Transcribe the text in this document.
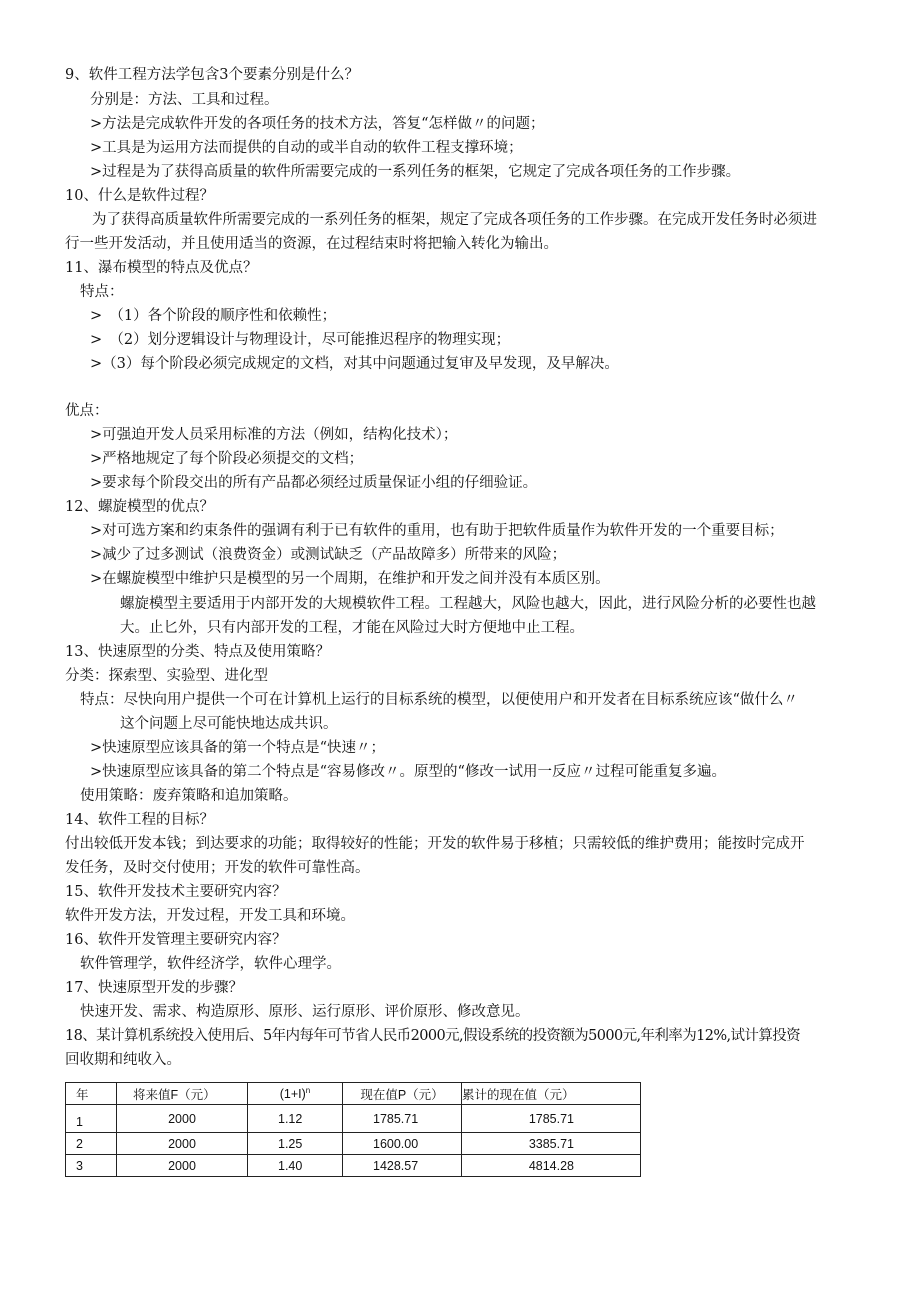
9、软件工程方法学包含3个要素分别是什么？
分别是：方法、工具和过程。
>方法是完成软件开发的各项任务的技术方法，答复“怎样做〃的问题；
>工具是为运用方法而提供的自动的或半自动的软件工程支撑环境；
>过程是为了获得高质量的软件所需要完成的一系列任务的框架，它规定了完成各项任务的工作步骤。
10、什么是软件过程？
为了获得高质量软件所需要完成的一系列任务的框架，规定了完成各项任务的工作步骤。在完成开发任务时必须进
行一些开发活动，并且使用适当的资源，在过程结束时将把输入转化为输出。
11、瀑布模型的特点及优点？
特点：
>　（1）各个阶段的顺序性和依赖性；
>　（2）划分逻辑设计与物理设计，尽可能推迟程序的物理实现；
>（3）每个阶段必须完成规定的文档，对其中问题通过复审及早发现，及早解决。
优点：
>可强迫开发人员采用标准的方法（例如，结构化技术）；
>严格地规定了每个阶段必须提交的文档；
>要求每个阶段交出的所有产品都必须经过质量保证小组的仔细验证。
12、螺旋模型的优点？
>对可选方案和约束条件的强调有利于已有软件的重用，也有助于把软件质量作为软件开发的一个重要目标；
>减少了过多测试（浪费资金）或测试缺乏（产品故障多）所带来的风险；
>在螺旋模型中维护只是模型的另一个周期，在维护和开发之间并没有本质区别。
螺旋模型主要适用于内部开发的大规模软件工程。工程越大，风险也越大，因此，进行风险分析的必要性也越
大。止匕外，只有内部开发的工程，才能在风险过大时方便地中止工程。
13、快速原型的分类、特点及使用策略？
分类：探索型、实验型、进化型
特点：尽快向用户提供一个可在计算机上运行的目标系统的模型，以便使用户和开发者在目标系统应该“做什么〃
这个问题上尽可能快地达成共识。
>快速原型应该具备的第一个特点是“快速〃；
>快速原型应该具备的第二个特点是“容易修改〃。原型的“修改一试用一反应〃过程可能重复多遍。
使用策略：废弃策略和追加策略。
14、软件工程的目标？
付出较低开发本钱；到达要求的功能；取得较好的性能；开发的软件易于移植；只需较低的维护费用；能按时完成开
发任务，及时交付使用；开发的软件可靠性高。
15、软件开发技术主要研究内容？
软件开发方法，开发过程，开发工具和环境。
16、软件开发管理主要研究内容？
软件管理学，软件经济学，软件心理学。
17、快速原型开发的步骤？
快速开发、需求、构造原形、原形、运行原形、评价原形、修改意见。
18、某计算机系统投入使用后、5年内每年可节省人民币2000元,假设系统的投资额为5000元,年利率为12%,试计算投资
回收期和纯收入。
年	将来值F（元）	$(1+I)^n$	现在值P（元）	累计的现在值（元）
1	2000	1.12	1785.71	1785.71
2	2000	1.25	1600.00	3385.71
3	2000	1.40	1428.57	4814.28
